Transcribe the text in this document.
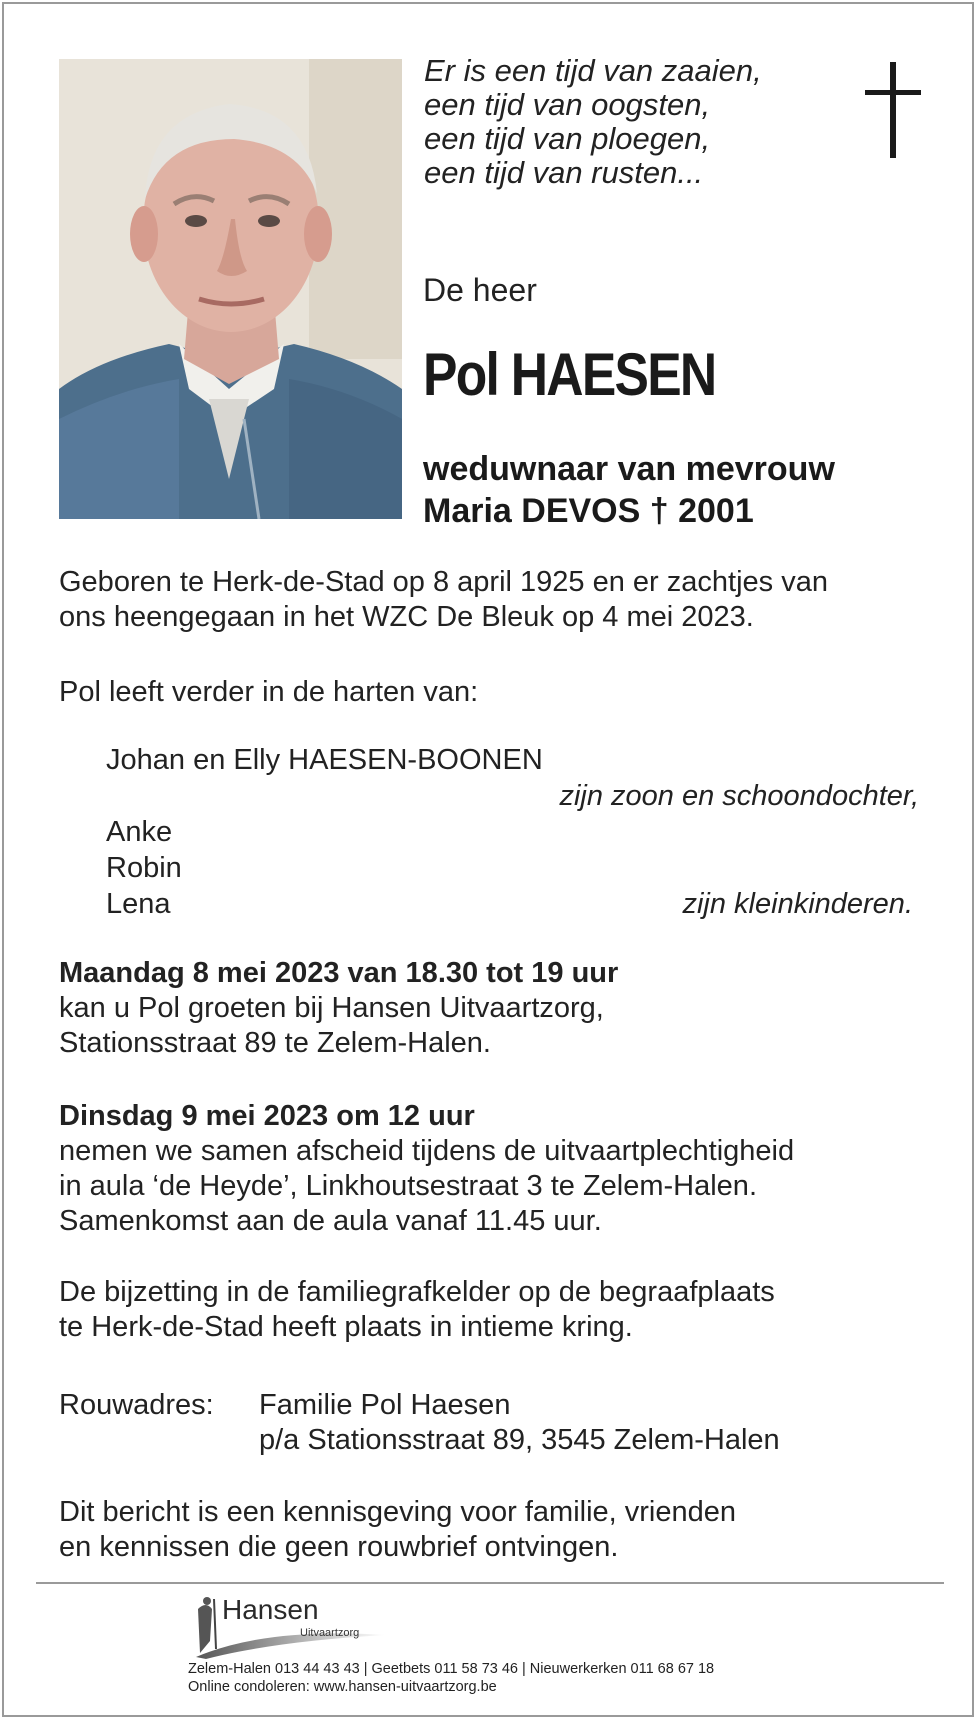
Er is een tijd van zaaien,
een tijd van oogsten,
een tijd van ploegen,
een tijd van rusten...
De heer
Pol HAESEN
weduwnaar van mevrouw
Maria DEVOS † 2001
Geboren te Herk-de-Stad op 8 april 1925 en er zachtjes van
ons heengegaan in het WZC De Bleuk op 4 mei 2023.
Pol leeft verder in de harten van:
Johan en Elly HAESEN-BOONEN
zijn zoon en schoondochter,
Anke
Robin
Lena	zijn kleinkinderen.
Maandag 8 mei 2023 van 18.30 tot 19 uur
kan u Pol groeten bij Hansen Uitvaartzorg,
Stationsstraat 89 te Zelem-Halen.
Dinsdag 9 mei 2023 om 12 uur
nemen we samen afscheid tijdens de uitvaartplechtigheid
in aula ‘de Heyde’, Linkhoutsestraat 3 te Zelem-Halen.
Samenkomst aan de aula vanaf 11.45 uur.
De bijzetting in de familiegrafkelder op de begraafplaats
te Herk-de-Stad heeft plaats in intieme kring.
Rouwadres: Familie Pol Haesen
p/a Stationsstraat 89, 3545 Zelem-Halen
Dit bericht is een kennisgeving voor familie, vrienden
en kennissen die geen rouwbrief ontvingen.
Hansen
Uitvaartzorg
Zelem-Halen 013 44 43 43 | Geetbets 011 58 73 46 | Nieuwerkerken 011 68 67 18
Online condoleren: www.hansen-uitvaartzorg.be
